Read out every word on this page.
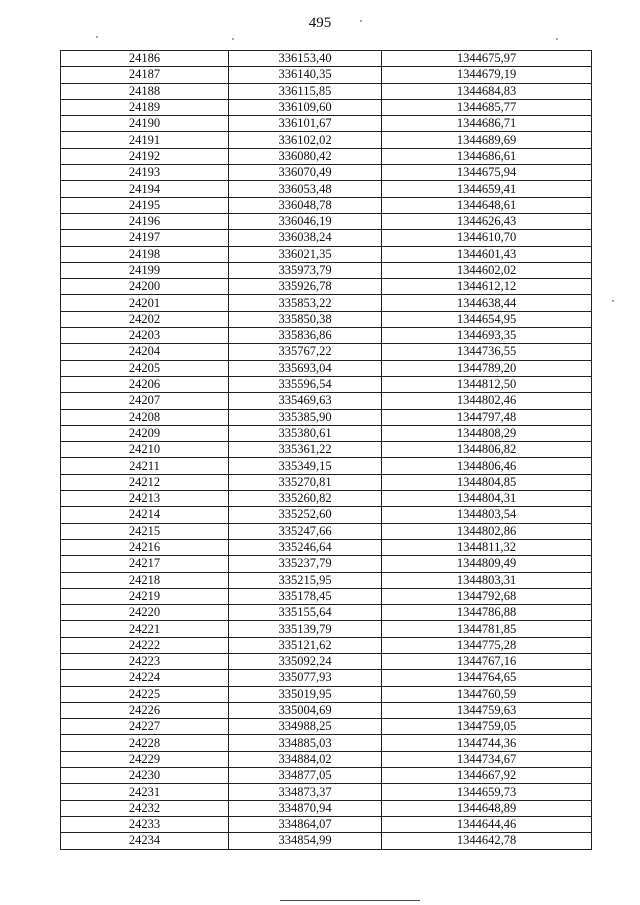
495
24186	336153,40	1344675,97
24187	336140,35	1344679,19
24188	336115,85	1344684,83
24189	336109,60	1344685,77
24190	336101,67	1344686,71
24191	336102,02	1344689,69
24192	336080,42	1344686,61
24193	336070,49	1344675,94
24194	336053,48	1344659,41
24195	336048,78	1344648,61
24196	336046,19	1344626,43
24197	336038,24	1344610,70
24198	336021,35	1344601,43
24199	335973,79	1344602,02
24200	335926,78	1344612,12
24201	335853,22	1344638,44
24202	335850,38	1344654,95
24203	335836,86	1344693,35
24204	335767,22	1344736,55
24205	335693,04	1344789,20
24206	335596,54	1344812,50
24207	335469,63	1344802,46
24208	335385,90	1344797,48
24209	335380,61	1344808,29
24210	335361,22	1344806,82
24211	335349,15	1344806,46
24212	335270,81	1344804,85
24213	335260,82	1344804,31
24214	335252,60	1344803,54
24215	335247,66	1344802,86
24216	335246,64	1344811,32
24217	335237,79	1344809,49
24218	335215,95	1344803,31
24219	335178,45	1344792,68
24220	335155,64	1344786,88
24221	335139,79	1344781,85
24222	335121,62	1344775,28
24223	335092,24	1344767,16
24224	335077,93	1344764,65
24225	335019,95	1344760,59
24226	335004,69	1344759,63
24227	334988,25	1344759,05
24228	334885,03	1344744,36
24229	334884,02	1344734,67
24230	334877,05	1344667,92
24231	334873,37	1344659,73
24232	334870,94	1344648,89
24233	334864,07	1344644,46
24234	334854,99	1344642,78
